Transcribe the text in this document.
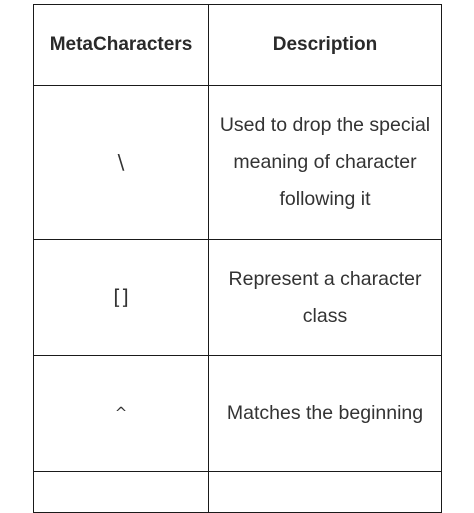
MetaCharacters	Description
\	Used to drop the special meaning of character following it
[]	Represent a character class
^	Matches the beginning
